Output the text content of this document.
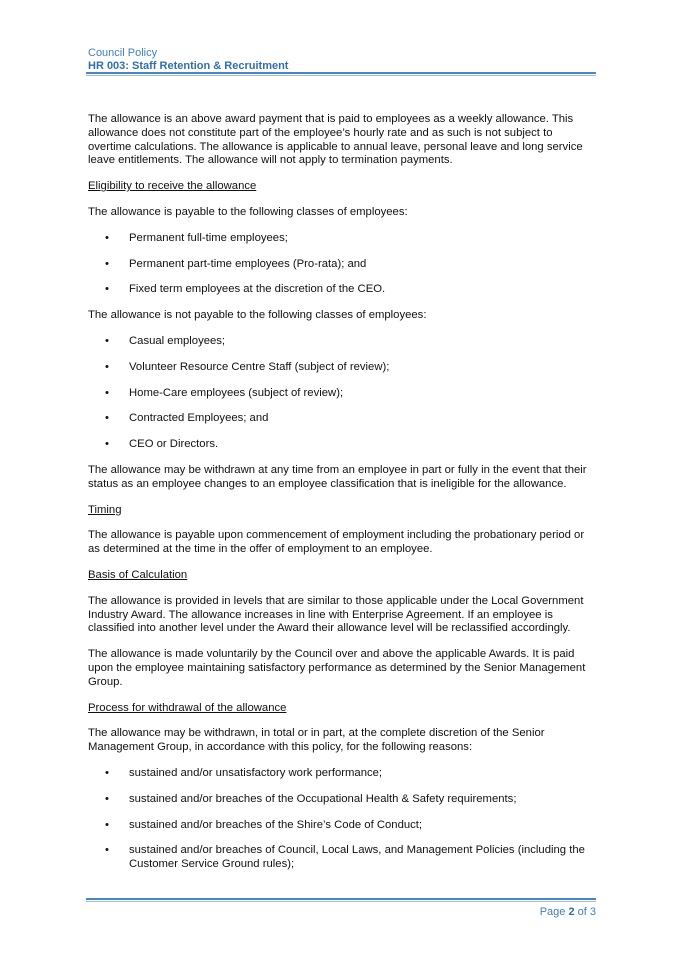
Council Policy
HR 003: Staff Retention & Recruitment

The allowance is an above award payment that is paid to employees as a weekly allowance. This allowance does not constitute part of the employee’s hourly rate and as such is not subject to overtime calculations. The allowance is applicable to annual leave, personal leave and long service leave entitlements. The allowance will not apply to termination payments.

Eligibility to receive the allowance

The allowance is payable to the following classes of employees:

• Permanent full-time employees;
• Permanent part-time employees (Pro-rata); and
• Fixed term employees at the discretion of the CEO.

The allowance is not payable to the following classes of employees:

• Casual employees;
• Volunteer Resource Centre Staff (subject of review);
• Home-Care employees (subject of review);
• Contracted Employees; and
• CEO or Directors.

The allowance may be withdrawn at any time from an employee in part or fully in the event that their status as an employee changes to an employee classification that is ineligible for the allowance.

Timing

The allowance is payable upon commencement of employment including the probationary period or as determined at the time in the offer of employment to an employee.

Basis of Calculation

The allowance is provided in levels that are similar to those applicable under the Local Government Industry Award. The allowance increases in line with Enterprise Agreement. If an employee is classified into another level under the Award their allowance level will be reclassified accordingly.

The allowance is made voluntarily by the Council over and above the applicable Awards. It is paid upon the employee maintaining satisfactory performance as determined by the Senior Management Group.

Process for withdrawal of the allowance

The allowance may be withdrawn, in total or in part, at the complete discretion of the Senior Management Group, in accordance with this policy, for the following reasons:

• sustained and/or unsatisfactory work performance;
• sustained and/or breaches of the Occupational Health & Safety requirements;
• sustained and/or breaches of the Shire’s Code of Conduct;
• sustained and/or breaches of Council, Local Laws, and Management Policies (including the Customer Service Ground rules);
Page 2 of 3
